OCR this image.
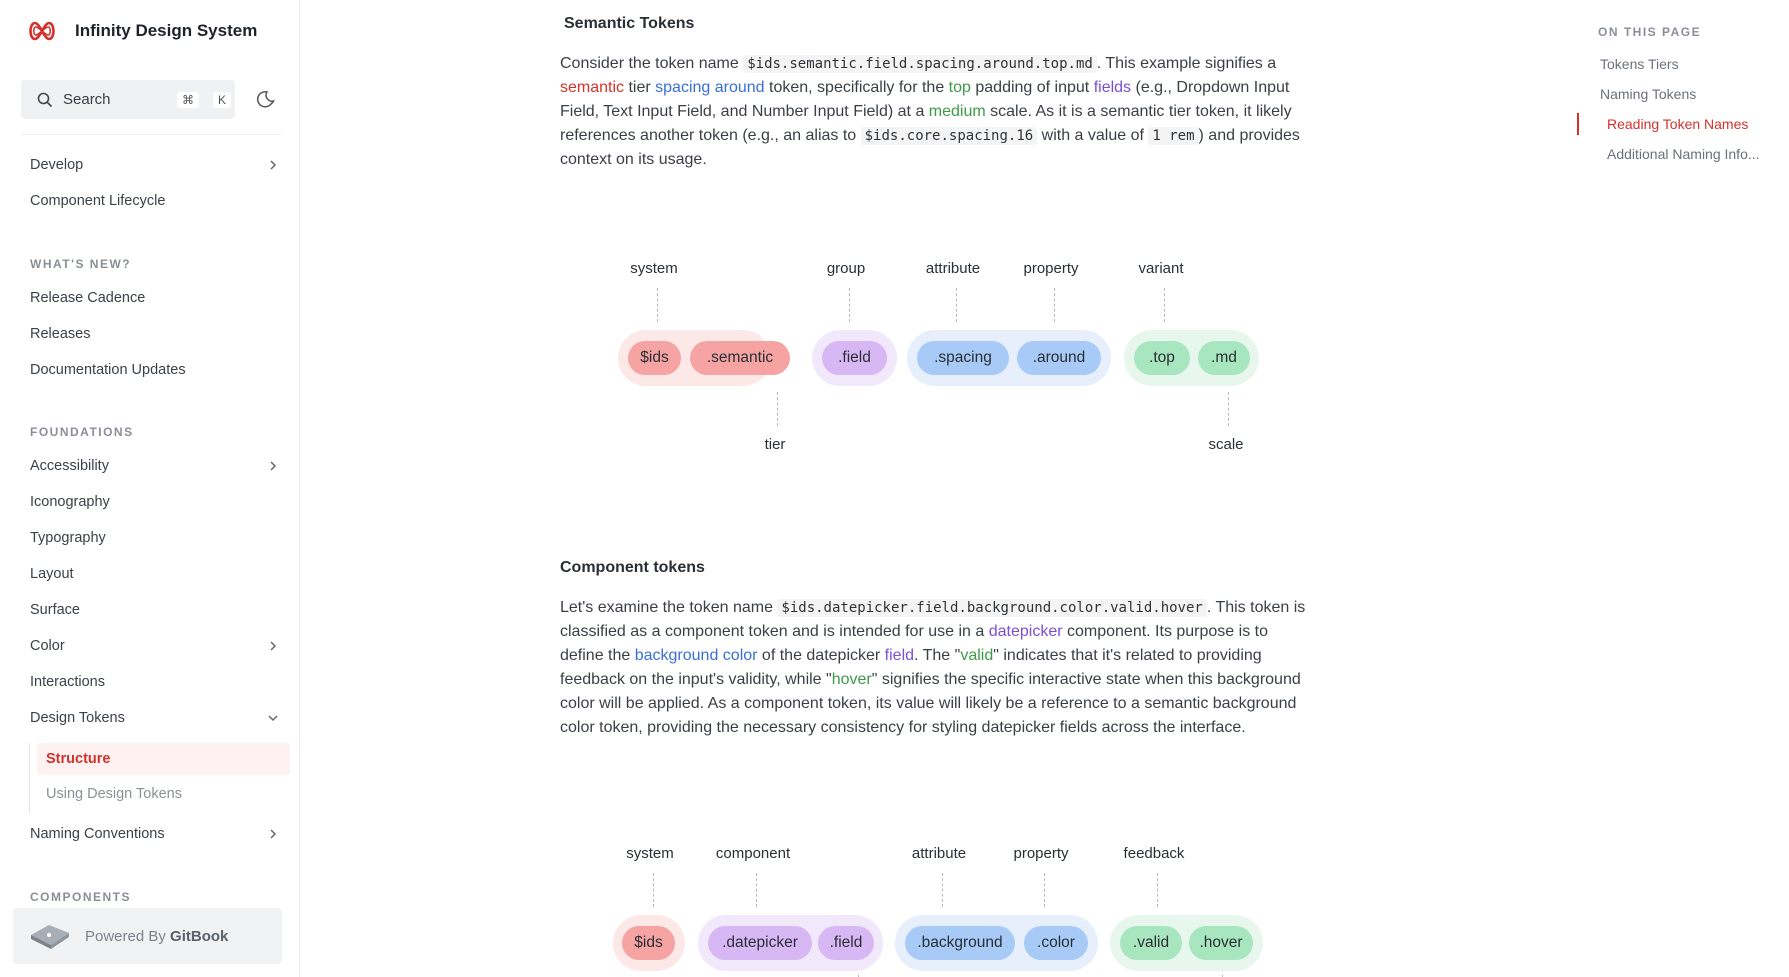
Infinity Design System
Search	⌘	K
Develop
Component Lifecycle
WHAT'S NEW?
Release Cadence
Releases
Documentation Updates
FOUNDATIONS
Accessibility
Iconography
Typography
Layout
Surface
Color
Interactions
Design Tokens
Structure
Using Design Tokens
Naming Conventions
COMPONENTS
Powered By GitBook
Semantic Tokens

Consider the token name $ids.semantic.field.spacing.around.top.md . This example signifies a semantic tier spacing around token, specifically for the top padding of input fields (e.g., Dropdown Input Field, Text Input Field, and Number Input Field) at a medium scale. As it is a semantic tier token, it likely references another token (e.g., an alias to $ids.core.spacing.16 with a value of 1 rem ) and provides context on its usage.

system	group	attribute	property	variant
$ids	.semantic	.field	.spacing	.around	.top	.md
tier	scale
Component tokens

Let's examine the token name $ids.datepicker.field.background.color.valid.hover . This token is classified as a component token and is intended for use in a datepicker component. Its purpose is to define the background color of the datepicker field. The "valid" indicates that it's related to providing feedback on the input's validity, while "hover" signifies the specific interactive state when this background color will be applied. As a component token, its value will likely be a reference to a semantic background color token, providing the necessary consistency for styling datepicker fields across the interface.

system	component	attribute	property	feedback
$ids	.datepicker	.field	.background	.color	.valid	.hover
ON THIS PAGE
Tokens Tiers
Naming Tokens
Reading Token Names
Additional Naming Info...
